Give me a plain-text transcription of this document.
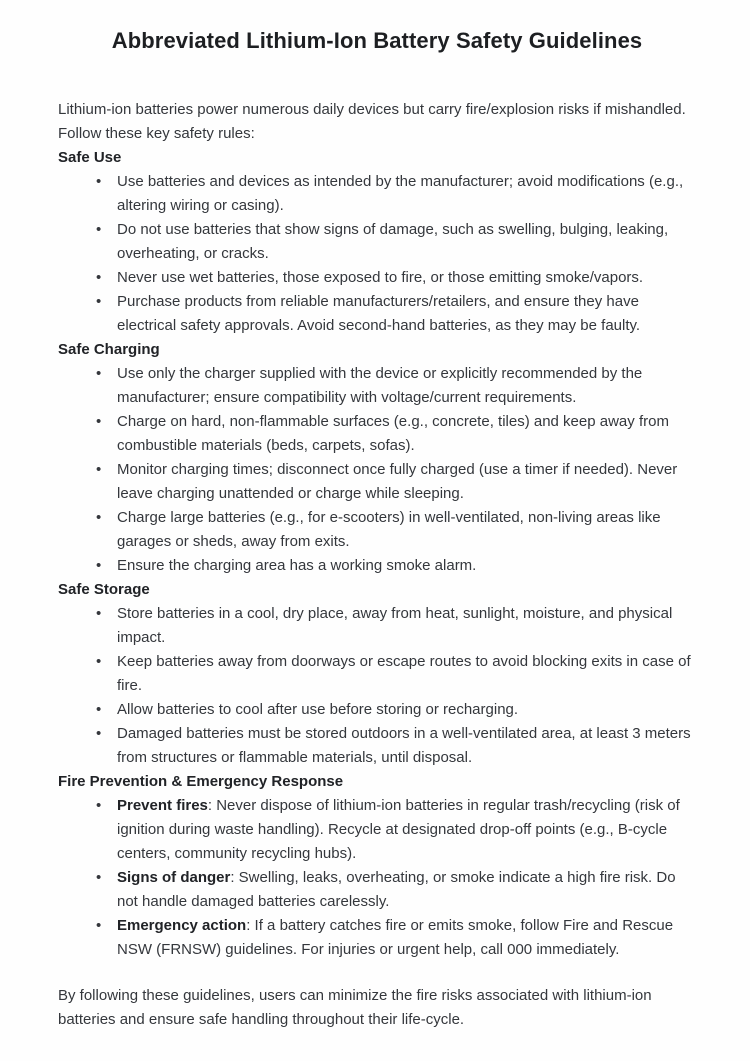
Abbreviated Lithium-Ion Battery Safety Guidelines

Lithium-ion batteries power numerous daily devices but carry fire/explosion risks if mishandled. Follow these key safety rules:

Safe Use
• Use batteries and devices as intended by the manufacturer; avoid modifications (e.g., altering wiring or casing).
• Do not use batteries that show signs of damage, such as swelling, bulging, leaking, overheating, or cracks.
• Never use wet batteries, those exposed to fire, or those emitting smoke/vapors.
• Purchase products from reliable manufacturers/retailers, and ensure they have electrical safety approvals. Avoid second-hand batteries, as they may be faulty.
Safe Charging
• Use only the charger supplied with the device or explicitly recommended by the manufacturer; ensure compatibility with voltage/current requirements.
• Charge on hard, non-flammable surfaces (e.g., concrete, tiles) and keep away from combustible materials (beds, carpets, sofas).
• Monitor charging times; disconnect once fully charged (use a timer if needed). Never leave charging unattended or charge while sleeping.
• Charge large batteries (e.g., for e-scooters) in well-ventilated, non-living areas like garages or sheds, away from exits.
• Ensure the charging area has a working smoke alarm.
Safe Storage
• Store batteries in a cool, dry place, away from heat, sunlight, moisture, and physical impact.
• Keep batteries away from doorways or escape routes to avoid blocking exits in case of fire.
• Allow batteries to cool after use before storing or recharging.
• Damaged batteries must be stored outdoors in a well-ventilated area, at least 3 meters from structures or flammable materials, until disposal.
Fire Prevention & Emergency Response
• Prevent fires: Never dispose of lithium-ion batteries in regular trash/recycling (risk of ignition during waste handling). Recycle at designated drop-off points (e.g., B-cycle centers, community recycling hubs).
• Signs of danger: Swelling, leaks, overheating, or smoke indicate a high fire risk. Do not handle damaged batteries carelessly.
• Emergency action: If a battery catches fire or emits smoke, follow Fire and Rescue NSW (FRNSW) guidelines. For injuries or urgent help, call 000 immediately.

By following these guidelines, users can minimize the fire risks associated with lithium-ion batteries and ensure safe handling throughout their life-cycle.
